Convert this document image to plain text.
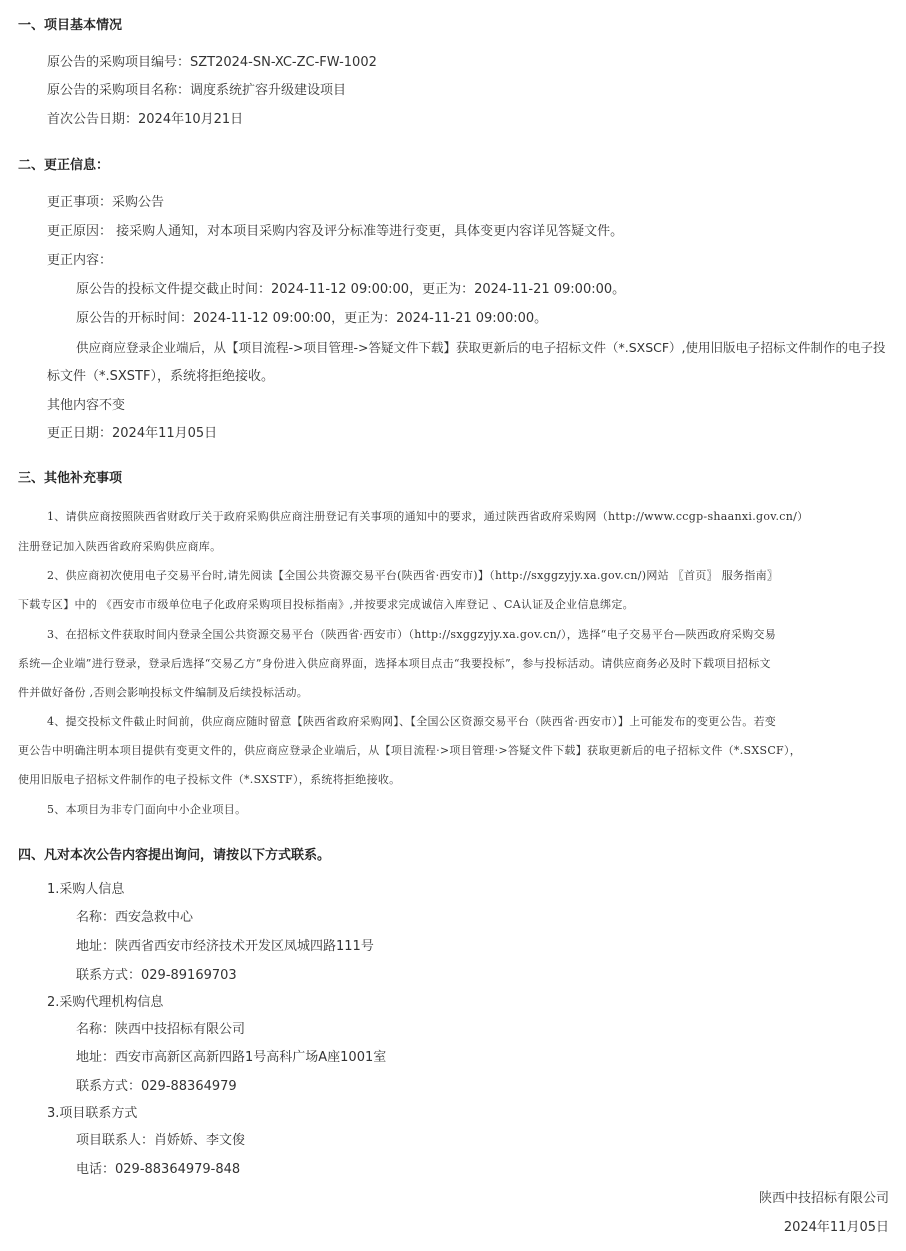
一、项目基本情况
原公告的采购项目编号：SZT2024-SN-XC-ZC-FW-1002
原公告的采购项目名称：调度系统扩容升级建设项目
首次公告日期：2024年10月21日
二、更正信息：
更正事项：采购公告
更正原因： 接采购人通知，对本项目采购内容及评分标准等进行变更，具体变更内容详见答疑文件。
更正内容：
原公告的投标文件提交截止时间：2024-11-12 09:00:00，更正为：2024-11-21 09:00:00。
原公告的开标时间：2024-11-12 09:00:00，更正为：2024-11-21 09:00:00。
供应商应登录企业端后，从【项目流程->项目管理->答疑文件下载】获取更新后的电子招标文件（*.SXSCF）,使用旧版电子招标文件制作的电子投
标文件（*.SXSTF），系统将拒绝接收。
其他内容不变
更正日期：2024年11月05日
三、其他补充事项
1、请供应商按照陕西省财政厅关于政府采购供应商注册登记有关事项的通知中的要求，通过陕西省政府采购网（http://www.ccgp-shaanxi.gov.cn/）
注册登记加入陕西省政府采购供应商库。
2、供应商初次使用电子交易平台时,请先阅读【全国公共资源交易平台(陕西省·西安市)】（http://sxggzyjy.xa.gov.cn/)网站 〖首页〗 服务指南〗
下载专区】中的 《西安市市级单位电子化政府采购项目投标指南》,并按要求完成诚信入库登记 、CA认证及企业信息绑定。
3、在招标文件获取时间内登录全国公共资源交易平台（陕西省·西安市）（http://sxggzyjy.xa.gov.cn/），选择“电子交易平台—陕西政府采购交易
系统—企业端”进行登录，登录后选择“交易乙方”身份进入供应商界面，选择本项目点击“我要投标”，参与投标活动。请供应商务必及时下载项目招标文
件并做好备份 ,否则会影响投标文件编制及后续投标活动。
4、提交投标文件截止时间前，供应商应随时留意【陕西省政府采购网】、【全国公区资源交易平台（陕西省·西安市）】上可能发布的变更公告。若变
更公告中明确注明本项目提供有变更文件的，供应商应登录企业端后，从【项目流程·>项目管理·>答疑文件下载】获取更新后的电子招标文件（*.SXSCF），
使用旧版电子招标文件制作的电子投标文件（*.SXSTF），系统将拒绝接收。
5、本项目为非专门面向中小企业项目。
四、凡对本次公告内容提出询问，请按以下方式联系。
1.采购人信息
名称：西安急救中心
地址：陕西省西安市经济技术开发区凤城四路111号
联系方式：029-89169703
2.采购代理机构信息
名称：陕西中技招标有限公司
地址：西安市高新区高新四路1号高科广场A座1001室
联系方式：029-88364979
3.项目联系方式
项目联系人：肖娇娇、李文俊
电话：029-88364979-848
陕西中技招标有限公司
2024年11月05日
